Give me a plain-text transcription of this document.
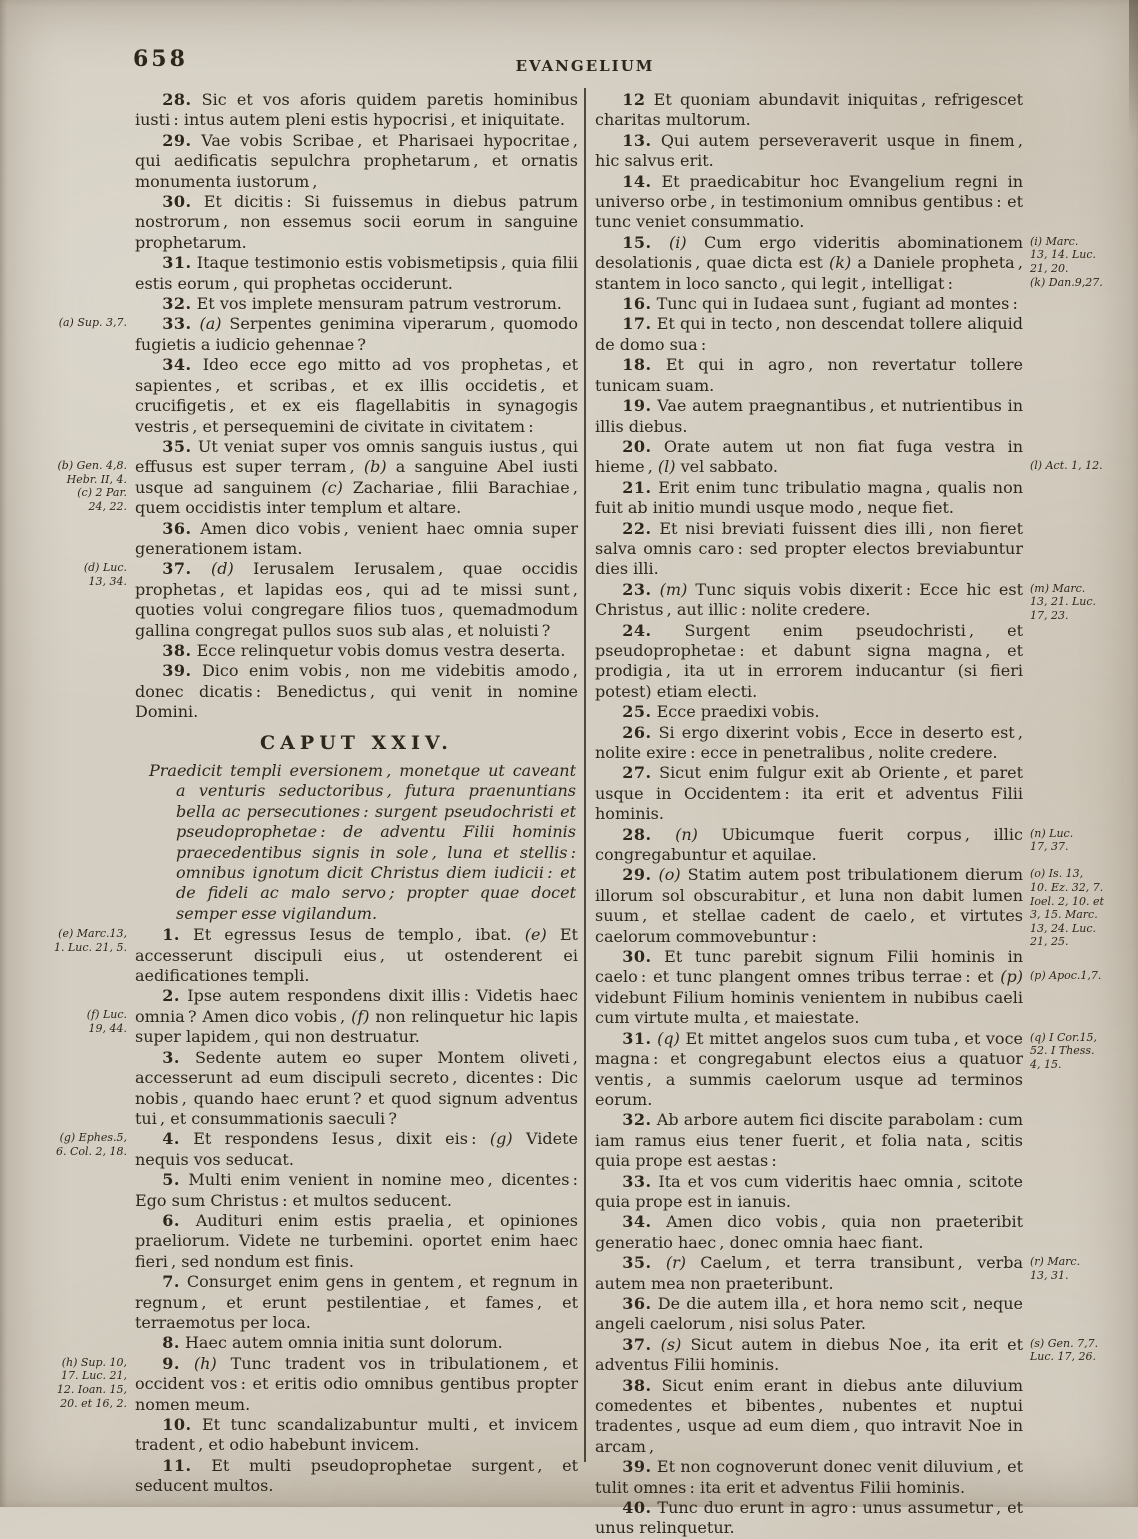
658	EVANGELIUM

28. Sic et vos aforis quidem paretis hominibus iusti : intus autem pleni estis hypocrisi , et iniquitate.

29. Vae vobis Scribae , et Pharisaei hypocritae , qui aedificatis sepulchra prophetarum , et ornatis monumenta iustorum ,

30. Et dicitis : Si fuissemus in diebus patrum nostrorum , non essemus socii eorum in sanguine prophetarum.

31. Itaque testimonio estis vobismetipsis , quia filii estis eorum , qui prophetas occiderunt.

32. Et vos implete mensuram patrum vestrorum.

33. (a) Serpentes genimina viperarum , quomodo fugietis a iudicio gehennae ?
(a) Sup. 3,7.

34. Ideo ecce ego mitto ad vos prophetas , et sapientes , et scribas , et ex illis occidetis , et crucifigetis , et ex eis flagellabitis in synagogis vestris , et persequemini de civitate in civitatem :

35. Ut veniat super vos omnis sanguis iustus , qui effusus est super terram , (b) a sanguine Abel iusti usque ad sanguinem (c) Zachariae , filii Barachiae , quem occidistis inter templum et altare.
(b) Gen. 4,8.
Hebr. II, 4.
(c) 2 Par.
24, 22.

36. Amen dico vobis , venient haec omnia super generationem istam.

37. (d) Ierusalem Ierusalem , quae occidis prophetas , et lapidas eos , qui ad te missi sunt , quoties volui congregare filios tuos , quemadmodum gallina congregat pullos suos sub alas , et noluisti ?
(d) Luc.
13, 34.

38. Ecce relinquetur vobis domus vestra deserta.

39. Dico enim vobis , non me videbitis amodo , donec dicatis : Benedictus , qui venit in nomine Domini.

CAPUT XXIV.

Praedicit templi eversionem , monetque ut caveant a venturis seductoribus , futura praenuntians bella ac persecutiones : surgent pseudochristi et pseudoprophetae : de adventu Filii hominis praecedentibus signis in sole , luna et stellis : omnibus ignotum dicit Christus diem iudicii : et de fideli ac malo servo ; propter quae docet semper esse vigilandum.

1. Et egressus Iesus de templo , ibat. (e) Et accesserunt discipuli eius , ut ostenderent ei aedificationes templi.
(e) Marc.13,
1. Luc. 21, 5.

2. Ipse autem respondens dixit illis : Videtis haec omnia ? Amen dico vobis , (f) non relinquetur hic lapis super lapidem , qui non destruatur.
(f) Luc.
19, 44.

3. Sedente autem eo super Montem oliveti , accesserunt ad eum discipuli secreto , dicentes : Dic nobis , quando haec erunt ? et quod signum adventus tui , et consummationis saeculi ?

4. Et respondens Iesus , dixit eis : (g) Videte nequis vos seducat.
(g) Ephes.5,
6. Col. 2, 18.

5. Multi enim venient in nomine meo , dicentes : Ego sum Christus : et multos seducent.

6. Audituri enim estis praelia , et opiniones praeliorum. Videte ne turbemini. oportet enim haec fieri , sed nondum est finis.

7. Consurget enim gens in gentem , et regnum in regnum , et erunt pestilentiae , et fames , et terraemotus per loca.

8. Haec autem omnia initia sunt dolorum.

9. (h) Tunc tradent vos in tribulationem , et occident vos : et eritis odio omnibus gentibus propter nomen meum.
(h) Sup. 10,
17. Luc. 21,
12. Ioan. 15,
20. et 16, 2.

10. Et tunc scandalizabuntur multi , et invicem tradent , et odio habebunt invicem.

11. Et multi pseudoprophetae surgent , et seducent multos.

12 Et quoniam abundavit iniquitas , refrigescet charitas multorum.

13. Qui autem perseveraverit usque in finem , hic salvus erit.

14. Et praedicabitur hoc Evangelium regni in universo orbe , in testimonium omnibus gentibus : et tunc veniet consummatio.

15. (i) Cum ergo videritis abominationem desolationis , quae dicta est (k) a Daniele propheta , stantem in loco sancto , qui legit , intelligat :
(i) Marc.
13, 14. Luc.
21, 20.
(k) Dan.9,27.

16. Tunc qui in Iudaea sunt , fugiant ad montes :

17. Et qui in tecto , non descendat tollere aliquid de domo sua :

18. Et qui in agro , non revertatur tollere tunicam suam.

19. Vae autem praegnantibus , et nutrientibus in illis diebus.

20. Orate autem ut non fiat fuga vestra in hieme , (l) vel sabbato.	(l) Act. 1, 12.

21. Erit enim tunc tribulatio magna , qualis non fuit ab initio mundi usque modo , neque fiet.

22. Et nisi breviati fuissent dies illi , non fieret salva omnis caro : sed propter electos breviabuntur dies illi.

23. (m) Tunc siquis vobis dixerit : Ecce hic est Christus , aut illic : nolite credere.
(m) Marc.
13, 21. Luc.
17, 23.

24. Surgent enim pseudochristi , et pseudoprophetae : et dabunt signa magna , et prodigia , ita ut in errorem inducantur (si fieri potest) etiam electi.

25. Ecce praedixi vobis.

26. Si ergo dixerint vobis , Ecce in deserto est , nolite exire : ecce in penetralibus , nolite credere.

27. Sicut enim fulgur exit ab Oriente , et paret usque in Occidentem : ita erit et adventus Filii hominis.

28. (n) Ubicumque fuerit corpus , illic congregabuntur et aquilae.
(n) Luc.
17, 37.

29. (o) Statim autem post tribulationem dierum illorum sol obscurabitur , et luna non dabit lumen suum , et stellae cadent de caelo , et virtutes caelorum commovebuntur :
(o) Is. 13,
10. Ez. 32, 7.
Ioel. 2, 10. et
3, 15. Marc.
13, 24. Luc.
21, 25.

30. Et tunc parebit signum Filii hominis in caelo : et tunc plangent omnes tribus terrae : et (p) videbunt Filium hominis venientem in nubibus caeli cum virtute multa , et maiestate.
(p) Apoc.1,7.

31. (q) Et mittet angelos suos cum tuba , et voce magna : et congregabunt electos eius a quatuor ventis , a summis caelorum usque ad terminos eorum.
(q) I Cor.15,
52. I Thess.
4, 15.

32. Ab arbore autem fici discite parabolam : cum iam ramus eius tener fuerit , et folia nata , scitis quia prope est aestas :

33. Ita et vos cum videritis haec omnia , scitote quia prope est in ianuis.

34. Amen dico vobis , quia non praeteribit generatio haec , donec omnia haec fiant.

35. (r) Caelum , et terra transibunt , verba autem mea non praeteribunt.
(r) Marc.
13, 31.

36. De die autem illa , et hora nemo scit , neque angeli caelorum , nisi solus Pater.

37. (s) Sicut autem in diebus Noe , ita erit et adventus Filii hominis.
(s) Gen. 7,7.
Luc. 17, 26.

38. Sicut enim erant in diebus ante diluvium comedentes et bibentes , nubentes et nuptui tradentes , usque ad eum diem , quo intravit Noe in arcam ,

39. Et non cognoverunt donec venit diluvium , et tulit omnes : ita erit et adventus Filii hominis.

40. Tunc duo erunt in agro : unus assumetur , et unus relinquetur.
